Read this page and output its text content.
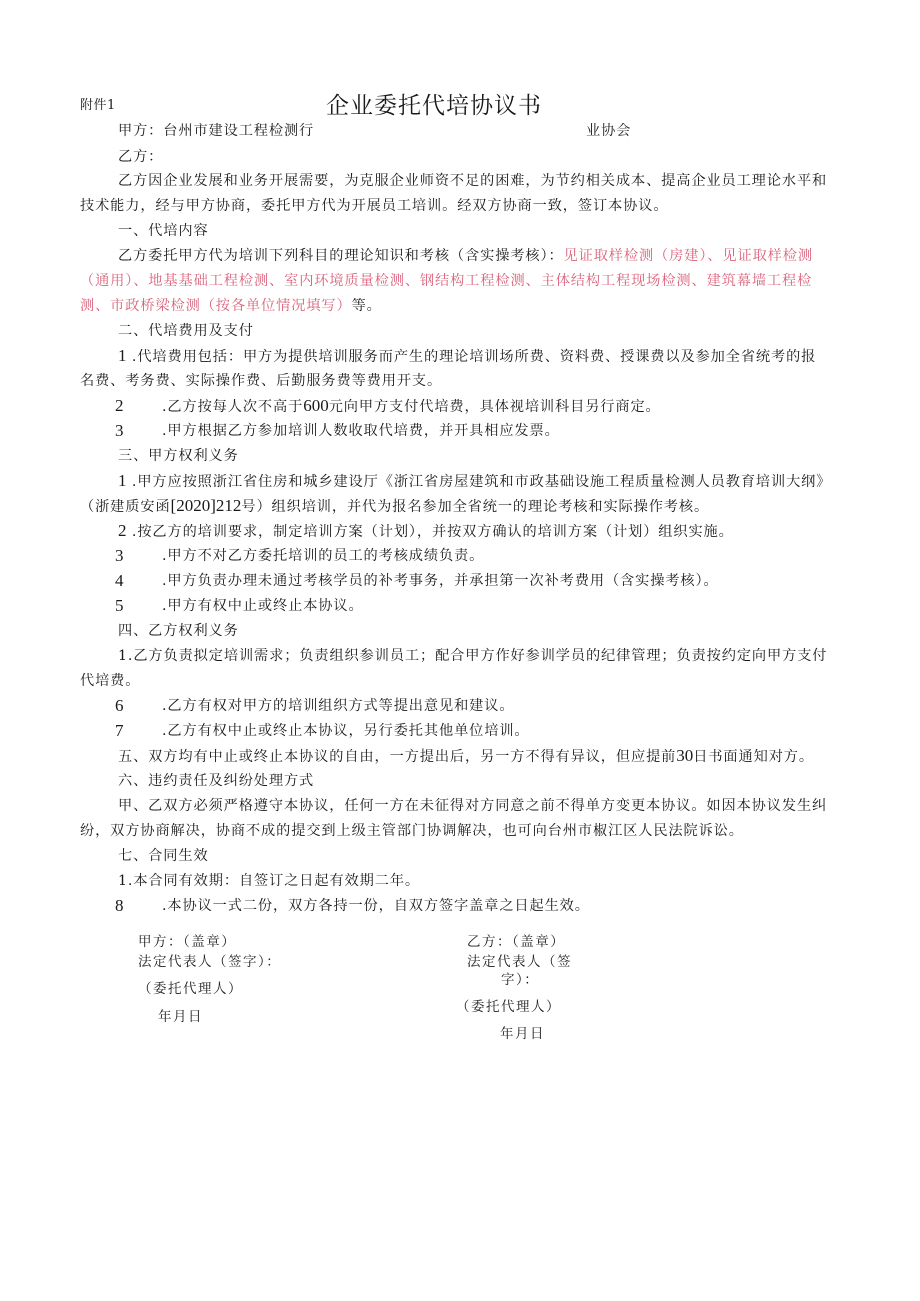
附件1	企业委托代培协议书
甲方：台州市建设工程检测行	业协会
乙方：
乙方因企业发展和业务开展需要，为克服企业师资不足的困难，为节约相关成本、提高企业员工理论水平和
技术能力，经与甲方协商，委托甲方代为开展员工培训。经双方协商一致，签订本协议。
一、代培内容
乙方委托甲方代为培训下列科目的理论知识和考核（含实操考核）：见证取样检测（房建）、见证取样检测
（通用）、地基基础工程检测、室内环境质量检测、钢结构工程检测、主体结构工程现场检测、建筑幕墙工程检
测、市政桥梁检测（按各单位情况填写）等。
二、代培费用及支付
1 .代培费用包括：甲方为提供培训服务而产生的理论培训场所费、资料费、授课费以及参加全省统考的报
名费、考务费、实际操作费、后勤服务费等费用开支。
2	.乙方按每人次不高于600元向甲方支付代培费，具体视培训科目另行商定。
3	.甲方根据乙方参加培训人数收取代培费，并开具相应发票。
三、甲方权利义务
1 .甲方应按照浙江省住房和城乡建设厅《浙江省房屋建筑和市政基础设施工程质量检测人员教育培训大纲》
（浙建质安函[2020]212号）组织培训，并代为报名参加全省统一的理论考核和实际操作考核。
2 .按乙方的培训要求，制定培训方案（计划），并按双方确认的培训方案（计划）组织实施。
3	.甲方不对乙方委托培训的员工的考核成绩负责。
4	.甲方负责办理未通过考核学员的补考事务，并承担第一次补考费用（含实操考核）。
5	.甲方有权中止或终止本协议。
四、乙方权利义务
1.乙方负责拟定培训需求；负责组织参训员工；配合甲方作好参训学员的纪律管理；负责按约定向甲方支付
代培费。
6	.乙方有权对甲方的培训组织方式等提出意见和建议。
7	.乙方有权中止或终止本协议，另行委托其他单位培训。
五、双方均有中止或终止本协议的自由，一方提出后，另一方不得有异议，但应提前30日书面通知对方。
六、违约责任及纠纷处理方式
甲、乙双方必须严格遵守本协议，任何一方在未征得对方同意之前不得单方变更本协议。如因本协议发生纠
纷，双方协商解决，协商不成的提交到上级主管部门协调解决，也可向台州市椒江区人民法院诉讼。
七、合同生效
1.本合同有效期：自签订之日起有效期二年。
8	.本协议一式二份，双方各持一份，自双方签字盖章之日起生效。
甲方：（盖章）
法定代表人（签字）：
（委托代理人）
年月日
乙方：（盖章）
法定代表人（签
字）：
（委托代理人）
年月日
